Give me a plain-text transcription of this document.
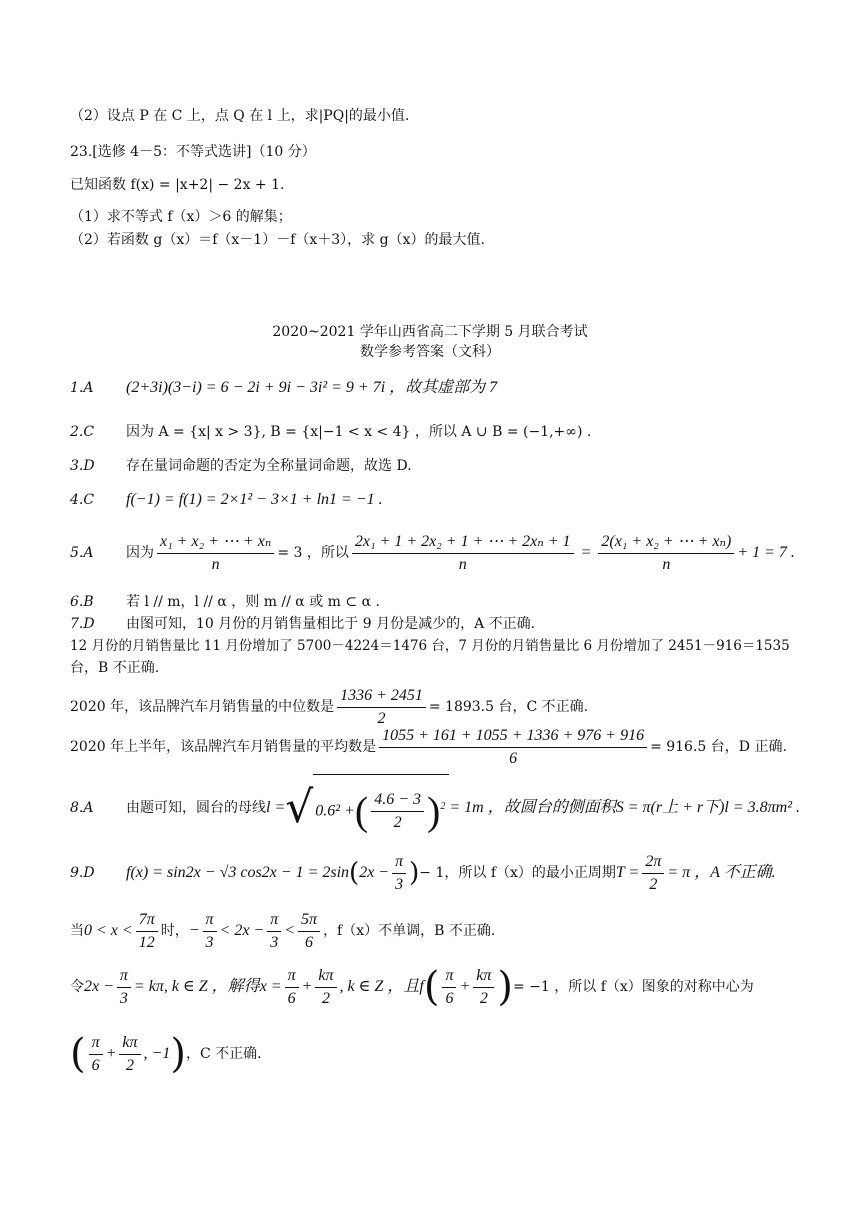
（2）设点 P 在 C 上，点 Q 在 l 上，求|PQ|的最小值.
23.[选修 4－5：不等式选讲]（10 分）
已知函数 f(x) = |x+2| − 2x + 1.
（1）求不等式 f（x）＞6 的解集；
（2）若函数 g（x）＝f（x－1）－f（x＋3），求 g（x）的最大值.
2020~2021 学年山西省高二下学期 5 月联合考试
数学参考答案（文科）
1.A (2+3i)(3−i) = 6 − 2i + 9i − 3i² = 9 + 7i ，故其虚部为 7
2.C 因为 A = {x| x > 3}, B = {x|−1 < x < 4} ，所以 A ∪ B = (−1,+∞) .
3.D 存在量词命题的否定为全称量词命题，故选 D.
4.C f(−1) = f(1) = 2×1² − 3×1 + ln1 = −1 .
5.A 因为 $\frac{\text{x₁ + x₂ + ⋯ + xₙ}}{n} = 3$ ，所以 $\frac{\text{2x₁ + 1 + 2x₂ + 1 + ⋯ + 2xₙ + 1}}{n} = \frac{\text{2(x₁ + x₂ + ⋯ + xₙ)}}{n} + 1 = 7$ .
6.B 若 l // m，l // α ，则 m // α 或 m ⊂ α .
7.D 由图可知，10 月份的月销售量相比于 9 月份是减少的，A 不正确.
12 月份的月销售量比 11 月份增加了 5700－4224＝1476 台，7 月份的月销售量比 6 月份增加了 2451－916＝1535
台，B 不正确.
2020 年，该品牌汽车月销售量的中位数是 $\frac{1336 + 2451}{2} = 1893.5$ 台，C 不正确.
2020 年上半年，该品牌汽车月销售量的平均数是 $\frac{1055 + 161 + 1055 + 1336 + 976 + 916}{6} = 916.5$ 台，D 正确.
8.A 由题可知，圆台的母线l =√ 0.6² +( $\frac{4.6 - 3}{2} )^2 = 1m$ ，故圆台的侧面积S = π(r上 + r下)l = 3.8πm² .
9.D f(x) = sin2x − √3 $\cos 2x - 1 = 2\sin(2x - \frac{\pi}{3}$ )− 1，所以 f（x）的最小正周期$T = \frac{2\pi}{2} = \pi$ ，A 不正确.
当$0 < x < \frac{7\pi}{12}$ 时，− $\frac{\pi}{3} < 2x - \frac{\pi}{3} < \frac{5\pi}{6}$ ，f（x）不单调，B 不正确.
令$2x - \frac{\pi}{3} = k\pi$, k ∈ Z ，解得$x = \frac{\pi}{6} + \frac{k\pi}{2}$ , k ∈ Z ，且$f( \frac{\pi}{6} + \frac{k\pi}{2}$ )= −1 ，所以 f（x）图象的对称中心为
( $\frac{\pi}{6} + \frac{k\pi}{2}$ , −1)，C 不正确.
